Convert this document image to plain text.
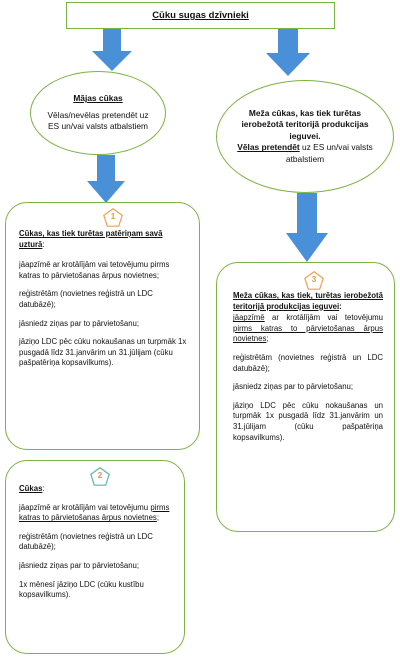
Cūku sugas dzīvnieki
Mājas cūkas
Vēlas/nevēlas pretendēt uz ES un/vai valsts atbalstiem
Meža cūkas, kas tiek turētas ierobežotā teritorijā produkcijas ieguvei.
Vēlas pretendēt uz ES un/vai valsts atbalstiem
1

Cūkas, kas tiek turētas patēriņam savā uzturā:

jāapzīmē ar krotālījām vai tetovējumu pirms katras to pārvietošanas ārpus novietnes;

reģistrētām (novietnes reģistrā un LDC datubāzē);

jāsniedz ziņas par to pārvietošanu;

jāziņo LDC pēc cūku nokaušanas un turpmāk 1x pusgadā līdz 31.janvārim un 31.jūlijam (cūku pašpatēriņa kopsavilkums).

3

Meža cūkas, kas tiek, turētas ierobežotā teritorijā produkcijas ieguvei:

jāapzīmē ar krotālījām vai tetovējumu pirms katras to pārvietošanas ārpus novietnes;

reģistrētām (novietnes reģistrā un LDC datubāzē);

jāsniedz ziņas par to pārvietošanu;

jāziņo LDC pēc cūku nokaušanas un turpmāk 1x pusgadā līdz 31.janvārim un 31.jūlijam (cūku pašpatēriņa kopsavilkums).

2

Cūkas:

jāapzīmē ar krotālījām vai tetovējumu pirms katras to pārvietošanas ārpus novietnes;

reģistrētām (novietnes reģistrā un LDC datubāzē);

jāsniedz ziņas par to pārvietošanu;

1x mēnesī jāziņo LDC (cūku kustību kopsavilkums).
